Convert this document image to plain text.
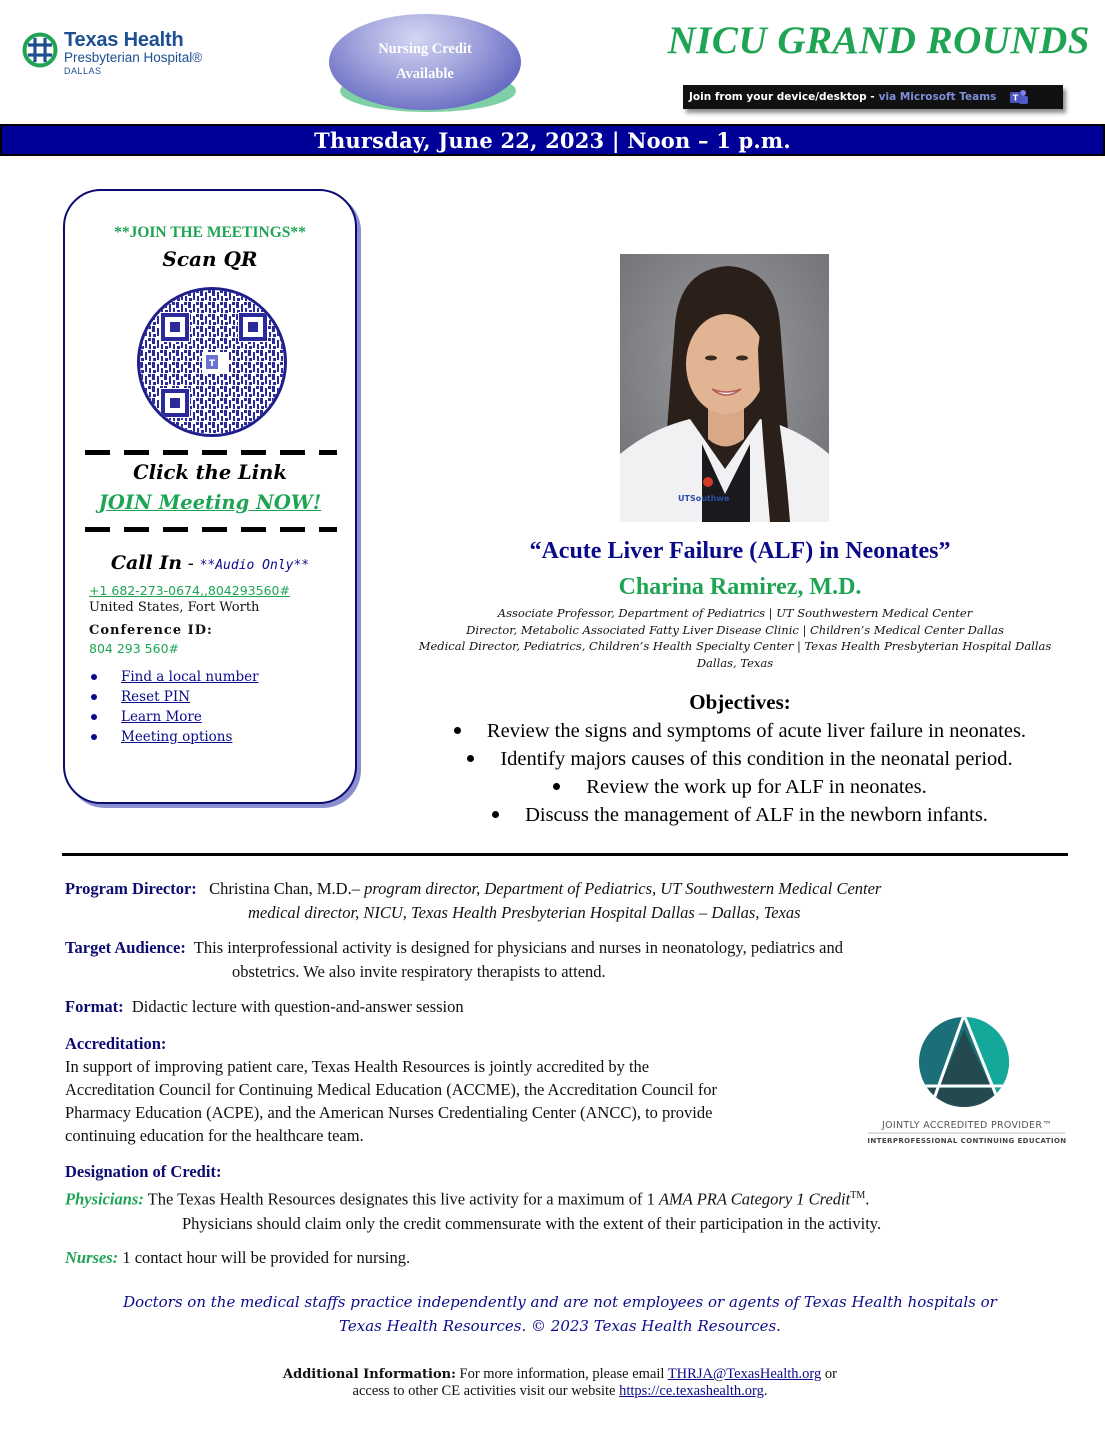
Texas Health
Presbyterian Hospital®
DALLAS
Nursing Credit
Available
NICU GRAND ROUNDS
Join from your device/desktop - via Microsoft Teams T
Thursday, June 22, 2023 | Noon – 1 p.m.
**JOIN THE MEETINGS**
Scan QR
T
Click the Link
JOIN Meeting NOW!
Call In - **Audio Only**
+1 682-273-0674,,804293560#
United States, Fort Worth
Conference ID:
804 293 560#
Find a local number
Reset PIN
Learn More
Meeting options
UTSouthwe
“Acute Liver Failure (ALF) in Neonates”
Charina Ramirez, M.D.
Associate Professor, Department of Pediatrics | UT Southwestern Medical Center
Director, Metabolic Associated Fatty Liver Disease Clinic | Children’s Medical Center Dallas
Medical Director, Pediatrics, Children’s Health Specialty Center | Texas Health Presbyterian Hospital Dallas
Dallas, Texas
Objectives:
Review the signs and symptoms of acute liver failure in neonates.
Identify majors causes of this condition in the neonatal period.
Review the work up for ALF in neonates.
Discuss the management of ALF in the newborn infants.
Program Director: Christina Chan, M.D.– program director, Department of Pediatrics, UT Southwestern Medical Center
medical director, NICU, Texas Health Presbyterian Hospital Dallas – Dallas, Texas
Target Audience: This interprofessional activity is designed for physicians and nurses in neonatology, pediatrics and
obstetrics. We also invite respiratory therapists to attend.
Format: Didactic lecture with question-and-answer session
Accreditation:
In support of improving patient care, Texas Health Resources is jointly accredited by the
Accreditation Council for Continuing Medical Education (ACCME), the Accreditation Council for
Pharmacy Education (ACPE), and the American Nurses Credentialing Center (ANCC), to provide
continuing education for the healthcare team.
JOINTLY ACCREDITED PROVIDER™
INTERPROFESSIONAL CONTINUING EDUCATION
Designation of Credit:
Physicians: The Texas Health Resources designates this live activity for a maximum of 1 AMA PRA Category 1 Credit™.
Physicians should claim only the credit commensurate with the extent of their participation in the activity.
Nurses: 1 contact hour will be provided for nursing.
Doctors on the medical staffs practice independently and are not employees or agents of Texas Health hospitals or
Texas Health Resources. © 2023 Texas Health Resources.
Additional Information: For more information, please email THRJA@TexasHealth.org or
access to other CE activities visit our website https://ce.texashealth.org.
